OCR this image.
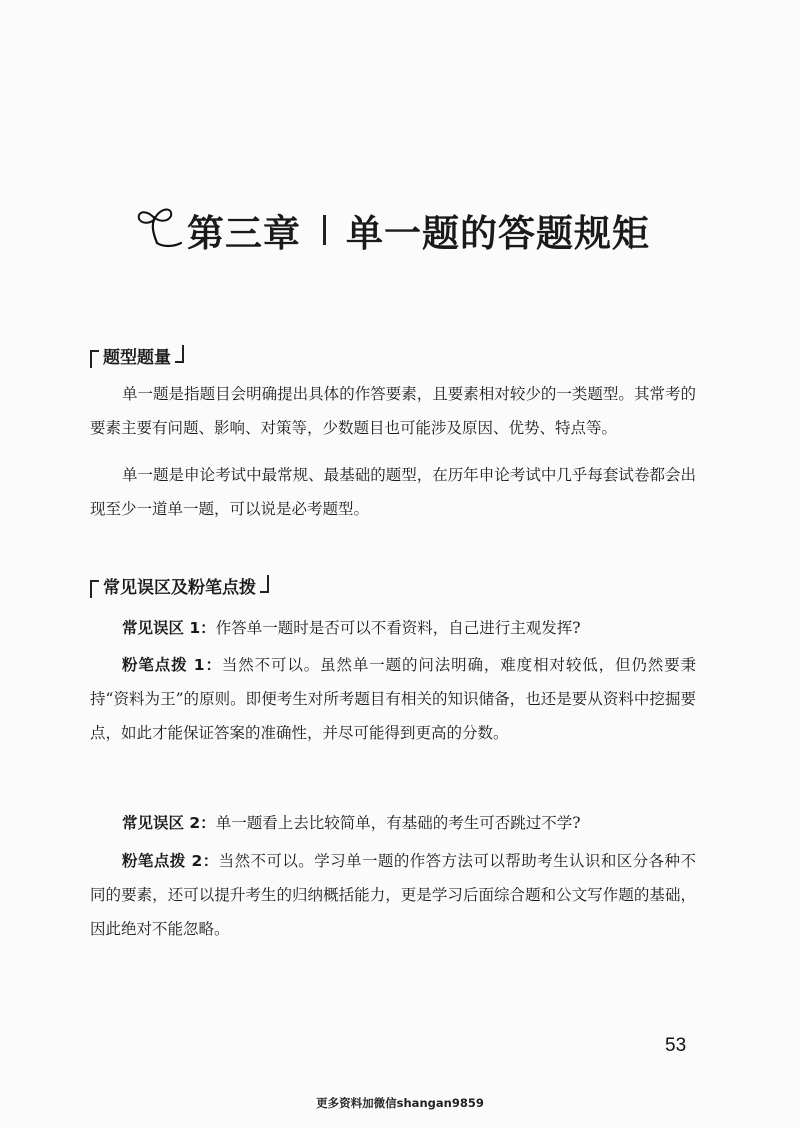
第三章 单一题的答题规矩
题型题量

单一题是指题目会明确提出具体的作答要素，且要素相对较少的一类题型。其常考的要素主要有问题、影响、对策等，少数题目也可能涉及原因、优势、特点等。

单一题是申论考试中最常规、最基础的题型，在历年申论考试中几乎每套试卷都会出现至少一道单一题，可以说是必考题型。

常见误区及粉笔点拨

常见误区 1：作答单一题时是否可以不看资料，自己进行主观发挥?

粉笔点拨 1：当然不可以。虽然单一题的问法明确，难度相对较低，但仍然要秉持“资料为王”的原则。即便考生对所考题目有相关的知识储备，也还是要从资料中挖掘要点，如此才能保证答案的准确性，并尽可能得到更高的分数。

常见误区 2：单一题看上去比较简单，有基础的考生可否跳过不学?

粉笔点拨 2：当然不可以。学习单一题的作答方法可以帮助考生认识和区分各种不同的要素，还可以提升考生的归纳概括能力，更是学习后面综合题和公文写作题的基础，因此绝对不能忽略。

53
更多资料加微信shangan9859
